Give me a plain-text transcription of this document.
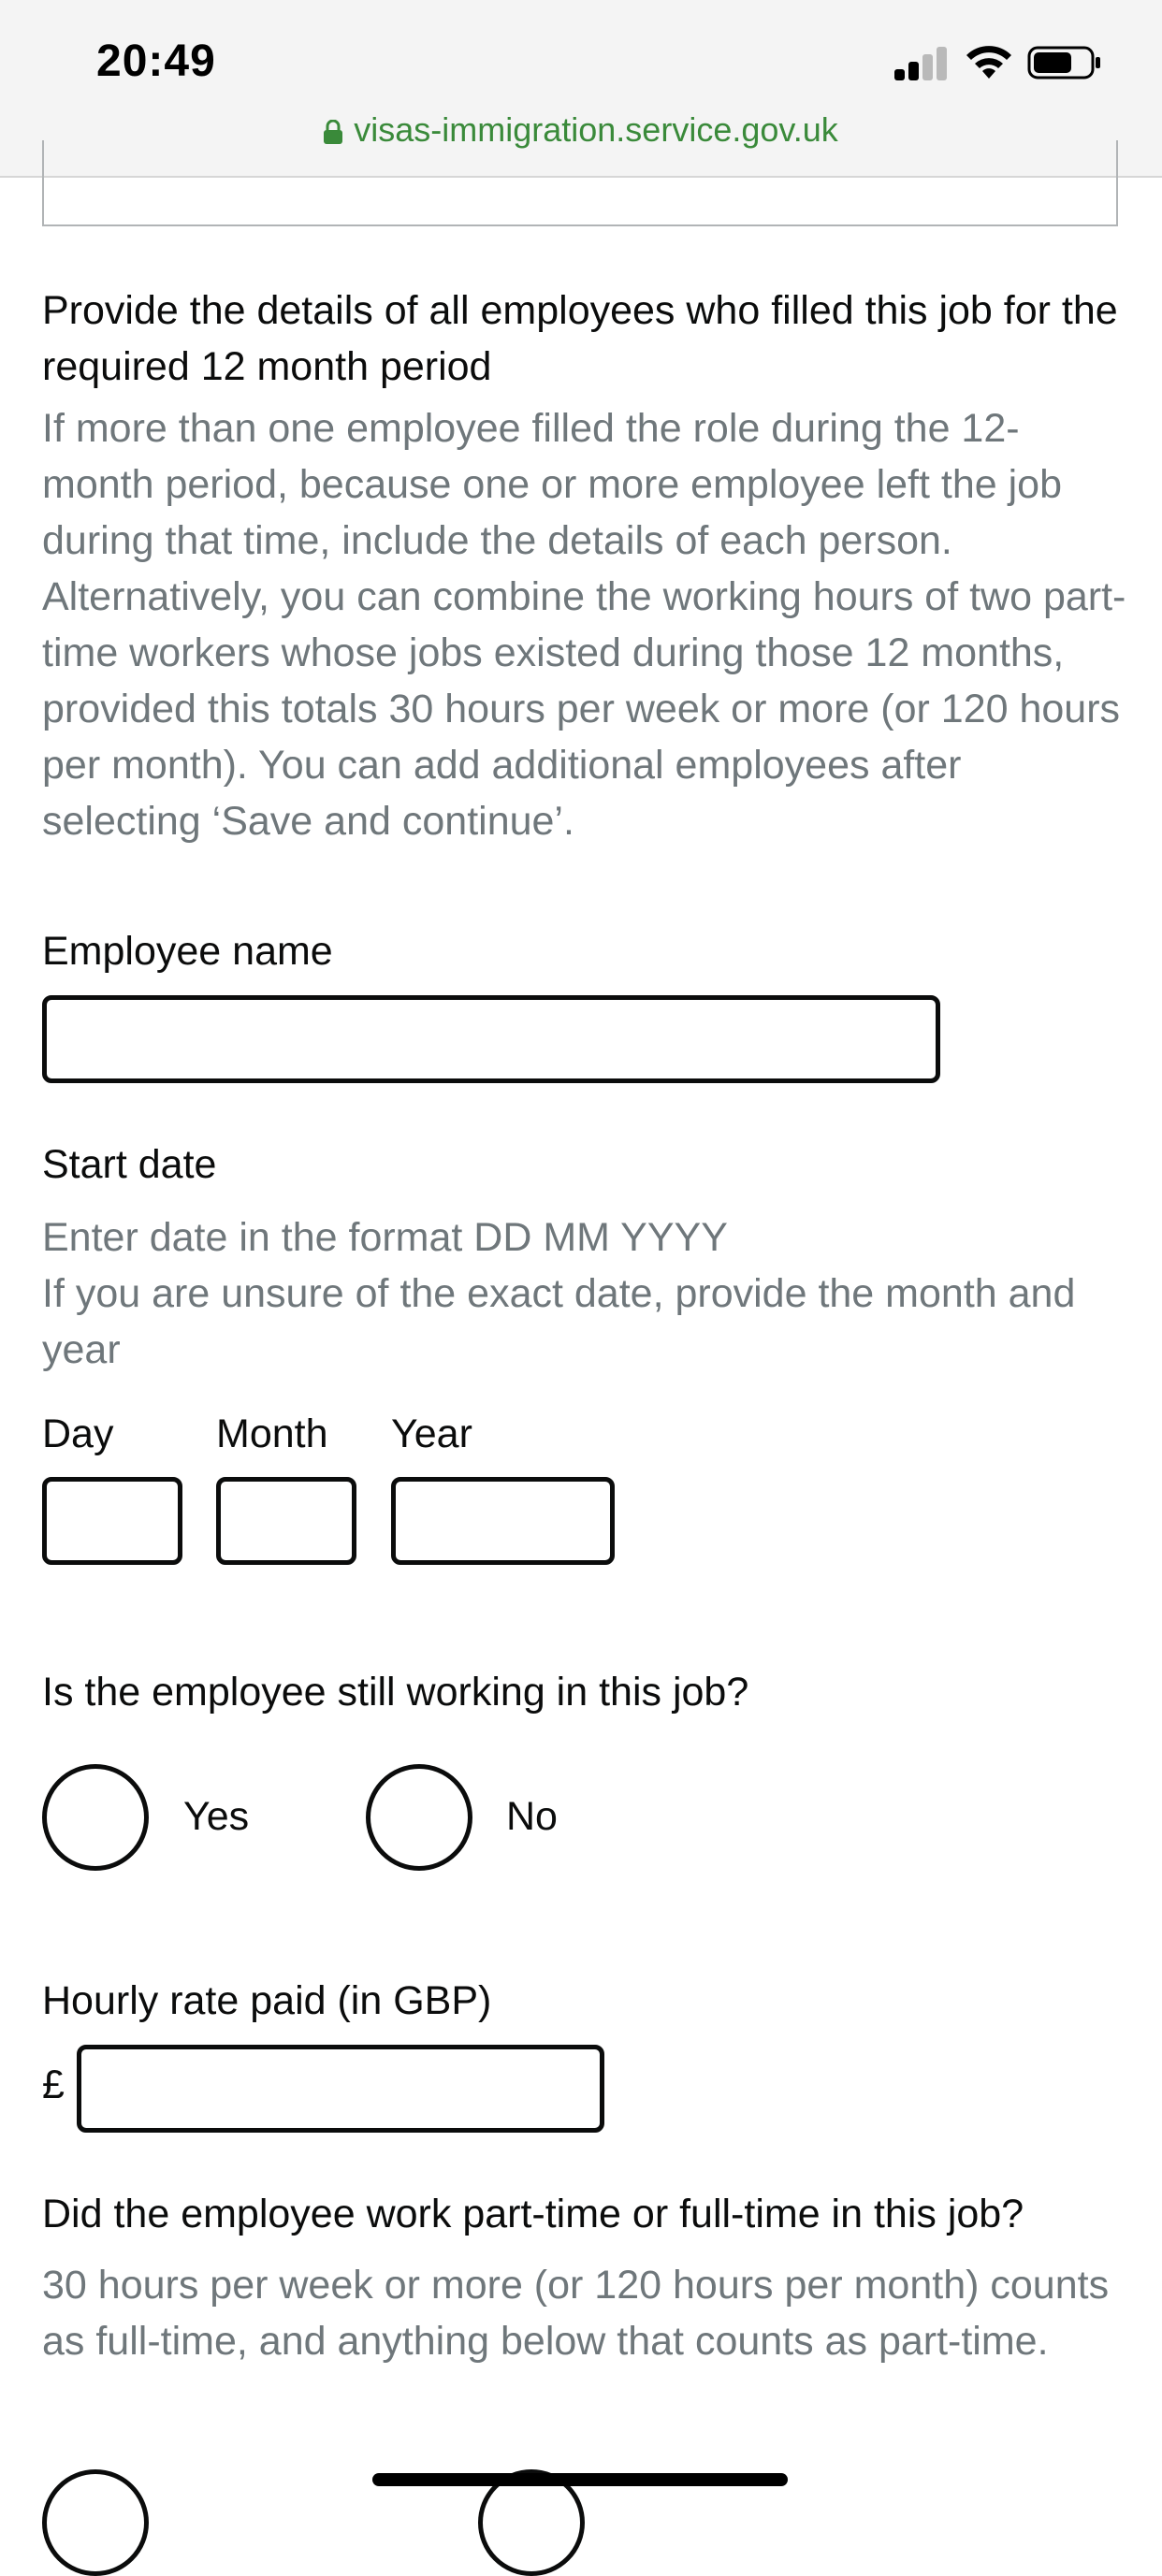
20:49
visas-immigration.service.gov.uk
Provide the details of all employees who filled this job for the required 12 month period
If more than one employee filled the role during the 12-month period, because one or more employee left the job during that time, include the details of each person. Alternatively, you can combine the working hours of two part-time workers whose jobs existed during those 12 months, provided this totals 30 hours per week or more (or 120 hours per month). You can add additional employees after selecting ‘Save and continue’.
Employee name
Start date
Enter date in the format DD MM YYYY
If you are unsure of the exact date, provide the month and year
Day	Month Year
Is the employee still working in this job?
Yes	No
Hourly rate paid (in GBP)
£
Did the employee work part-time or full-time in this job?
30 hours per week or more (or 120 hours per month) counts as full-time, and anything below that counts as part-time.
